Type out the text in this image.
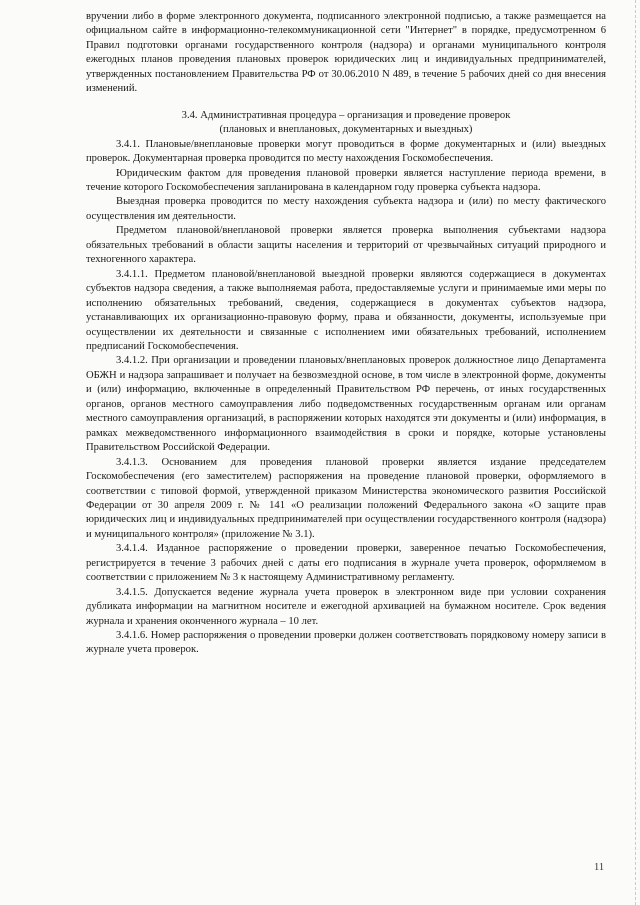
вручении либо в форме электронного документа, подписанного электронной подписью, а также размещается на официальном сайте в информационно-телекоммуникационной сети "Интернет" в порядке, предусмотренном 6 Правил подготовки органами государственного контроля (надзора) и органами муниципального контроля ежегодных планов проведения плановых проверок юридических лиц и индивидуальных предпринимателей, утвержденных постановлением Правительства РФ от 30.06.2010 N 489, в течение 5 рабочих дней со дня внесения изменений.

3.4. Административная процедура – организация и проведение проверок

(плановых и внеплановых, документарных и выездных)

3.4.1. Плановые/внеплановые проверки могут проводиться в форме документарных и (или) выездных проверок. Документарная проверка проводится по месту нахождения Госкомобеспечения.

Юридическим фактом для проведения плановой проверки является наступление периода времени, в течение которого Госкомобеспечения запланирована в календарном году проверка субъекта надзора.

Выездная проверка проводится по месту нахождения субъекта надзора и (или) по месту фактического осуществления им деятельности.

Предметом плановой/внеплановой проверки является проверка выполнения субъектами надзора обязательных требований в области защиты населения и территорий от чрезвычайных ситуаций природного и техногенного характера.

3.4.1.1. Предметом плановой/внеплановой выездной проверки являются содержащиеся в документах субъектов надзора сведения, а также выполняемая работа, предоставляемые услуги и принимаемые ими меры по исполнению обязательных требований, сведения, содержащиеся в документах субъектов надзора, устанавливающих их организационно-правовую форму, права и обязанности, документы, используемые при осуществлении их деятельности и связанные с исполнением ими обязательных требований, исполнением предписаний Госкомобеспечения.

3.4.1.2. При организации и проведении плановых/внеплановых проверок должностное лицо Департамента ОБЖН и надзора запрашивает и получает на безвозмездной основе, в том числе в электронной форме, документы и (или) информацию, включенные в определенный Правительством РФ перечень, от иных государственных органов, органов местного самоуправления либо подведомственных государственным органам или органам местного самоуправления организаций, в распоряжении которых находятся эти документы и (или) информация, в рамках межведомственного информационного взаимодействия в сроки и порядке, которые установлены Правительством Российской Федерации.

3.4.1.3. Основанием для проведения плановой проверки является издание председателем Госкомобеспечения (его заместителем) распоряжения на проведение плановой проверки, оформляемого в соответствии с типовой формой, утвержденной приказом Министерства экономического развития Российской Федерации от 30 апреля 2009 г. № 141 «О реализации положений Федерального закона «О защите прав юридических лиц и индивидуальных предпринимателей при осуществлении государственного контроля (надзора) и муниципального контроля» (приложение № 3.1).

3.4.1.4. Изданное распоряжение о проведении проверки, заверенное печатью Госкомобеспечения, регистрируется в течение 3 рабочих дней с даты его подписания в журнале учета проверок, оформляемом в соответствии с приложением № 3 к настоящему Административному регламенту.

3.4.1.5. Допускается ведение журнала учета проверок в электронном виде при условии сохранения дубликата информации на магнитном носителе и ежегодной архивацией на бумажном носителе. Срок ведения журнала и хранения оконченного журнала – 10 лет.

3.4.1.6. Номер распоряжения о проведении проверки должен соответствовать порядковому номеру записи в журнале учета проверок.

11
